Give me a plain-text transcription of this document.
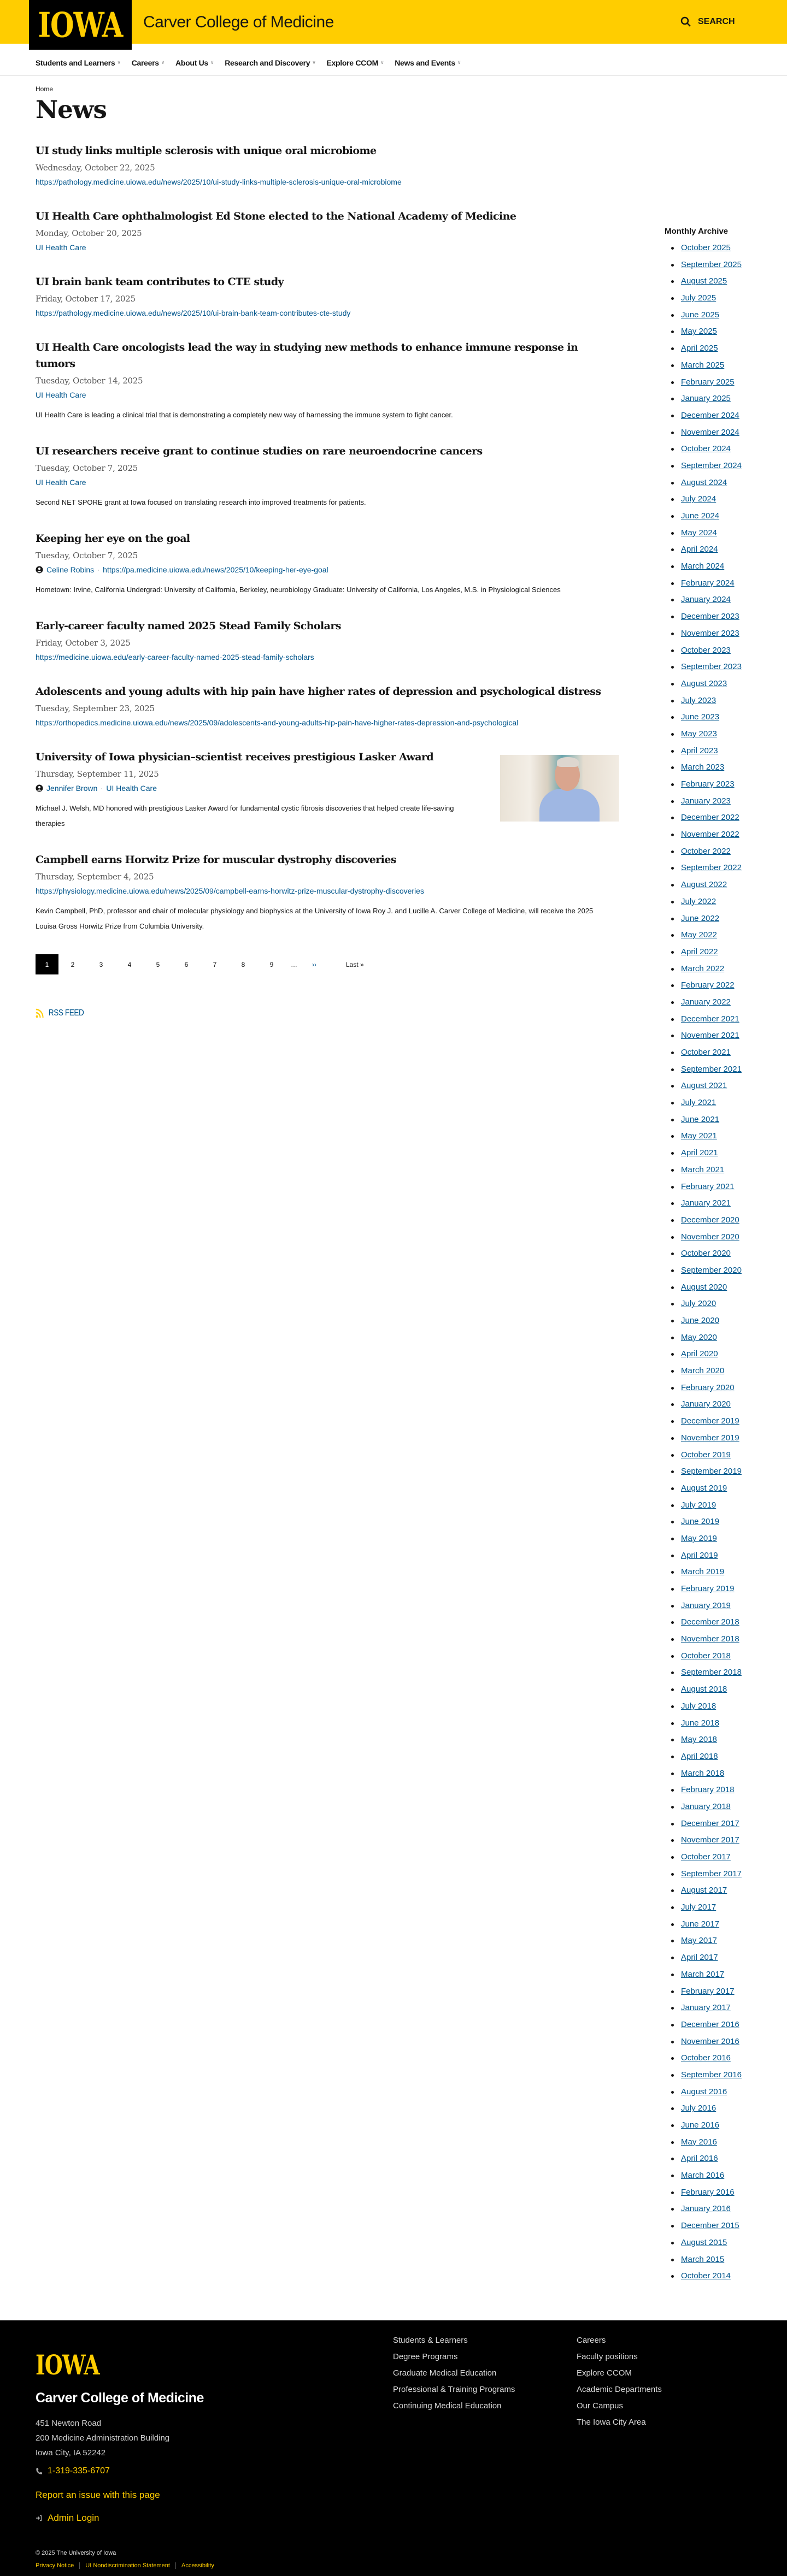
IOWA Carver College of Medicine	SEARCH
Students and Learners ∨ Careers ∨ About Us ∨ Research and Discovery ∨ Explore CCOM ∨ News and Events ∨
Home
News
UI study links multiple sclerosis with unique oral microbiome
Wednesday, October 22, 2025
https://pathology.medicine.uiowa.edu/news/2025/10/ui-study-links-multiple-sclerosis-unique-oral-microbiome
UI Health Care ophthalmologist Ed Stone elected to the National Academy of Medicine
Monday, October 20, 2025
UI Health Care
UI brain bank team contributes to CTE study
Friday, October 17, 2025
https://pathology.medicine.uiowa.edu/news/2025/10/ui-brain-bank-team-contributes-cte-study
UI Health Care oncologists lead the way in studying new methods to enhance immune response in tumors
Tuesday, October 14, 2025
UI Health Care

UI Health Care is leading a clinical trial that is demonstrating a completely new way of harnessing the immune system to fight cancer.

UI researchers receive grant to continue studies on rare neuroendocrine cancers
Tuesday, October 7, 2025
UI Health Care

Second NET SPORE grant at Iowa focused on translating research into improved treatments for patients.

Keeping her eye on the goal
Tuesday, October 7, 2025
Celine Robins · https://pa.medicine.uiowa.edu/news/2025/10/keeping-her-eye-goal

Hometown: Irvine, California Undergrad: University of California, Berkeley, neurobiology Graduate: University of California, Los Angeles, M.S. in Physiological Sciences

Early-career faculty named 2025 Stead Family Scholars
Friday, October 3, 2025
https://medicine.uiowa.edu/early-career-faculty-named-2025-stead-family-scholars
Adolescents and young adults with hip pain have higher rates of depression and psychological distress
Tuesday, September 23, 2025
https://orthopedics.medicine.uiowa.edu/news/2025/09/adolescents-and-young-adults-hip-pain-have-higher-rates-depression-and-psychological
University of Iowa physician–scientist receives prestigious Lasker Award
Thursday, September 11, 2025
Jennifer Brown · UI Health Care

Michael J. Welsh, MD honored with prestigious Lasker Award for fundamental cystic fibrosis discoveries that helped create life-saving therapies

Campbell earns Horwitz Prize for muscular dystrophy discoveries
Thursday, September 4, 2025
https://physiology.medicine.uiowa.edu/news/2025/09/campbell-earns-horwitz-prize-muscular-dystrophy-discoveries

Kevin Campbell, PhD, professor and chair of molecular physiology and biophysics at the University of Iowa Roy J. and Lucille A. Carver College of Medicine, will receive the 2025 Louisa Gross Horwitz Prize from Columbia University.

1	2	3	4	5	6	7	8	9	…	››	Last »
RSS FEED
Monthly Archive
October 2025
September 2025
August 2025
July 2025
June 2025
May 2025
April 2025
March 2025
February 2025
January 2025
December 2024
November 2024
October 2024
September 2024
August 2024
July 2024
June 2024
May 2024
April 2024
March 2024
February 2024
January 2024
December 2023
November 2023
October 2023
September 2023
August 2023
July 2023
June 2023
May 2023
April 2023
March 2023
February 2023
January 2023
December 2022
November 2022
October 2022
September 2022
August 2022
July 2022
June 2022
May 2022
April 2022
March 2022
February 2022
January 2022
December 2021
November 2021
October 2021
September 2021
August 2021
July 2021
June 2021
May 2021
April 2021
March 2021
February 2021
January 2021
December 2020
November 2020
October 2020
September 2020
August 2020
July 2020
June 2020
May 2020
April 2020
March 2020
February 2020
January 2020
December 2019
November 2019
October 2019
September 2019
August 2019
July 2019
June 2019
May 2019
April 2019
March 2019
February 2019
January 2019
December 2018
November 2018
October 2018
September 2018
August 2018
July 2018
June 2018
May 2018
April 2018
March 2018
February 2018
January 2018
December 2017
November 2017
October 2017
September 2017
August 2017
July 2017
June 2017
May 2017
April 2017
March 2017
February 2017
January 2017
December 2016
November 2016
October 2016
September 2016
August 2016
July 2016
June 2016
May 2016
April 2016
March 2016
February 2016
January 2016
December 2015
August 2015
March 2015
October 2014
IOWA
Carver College of Medicine
451 Newton Road
200 Medicine Administration Building
Iowa City, IA 52242
1-319-335-6707
Report an issue with this page
Admin Login
Students & Learners
Degree Programs
Graduate Medical Education
Professional & Training Programs
Continuing Medical Education
Careers
Faculty positions
Explore CCOM
Academic Departments
Our Campus
The Iowa City Area
© 2025 The University of Iowa
Privacy Notice	UI Nondiscrimination Statement	Accessibility
